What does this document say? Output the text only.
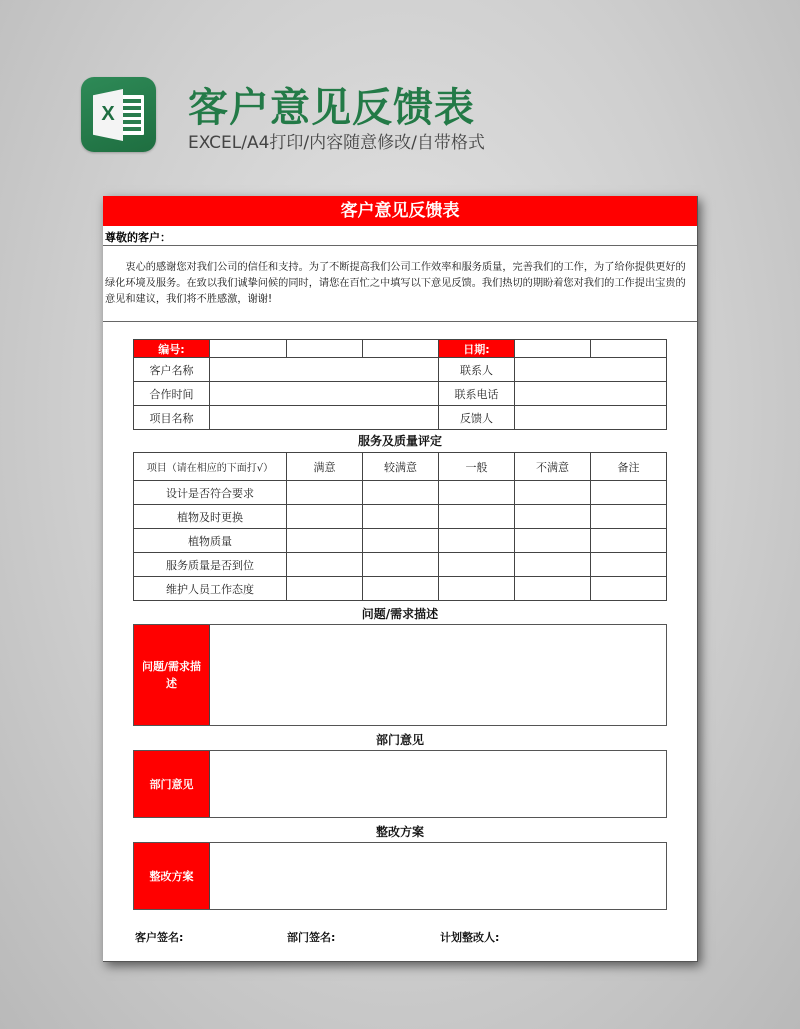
X 客户意见反馈表
EXCEL/A4打印/内容随意修改/自带格式
客户意见反馈表
尊敬的客户：
衷心的感谢您对我们公司的信任和支持。为了不断提高我们公司工作效率和服务质量，完善我们的工作，为了给你提供更好的绿化环境及服务。在致以我们诚挚问候的同时，请您在百忙之中填写以下意见反馈。我们热切的期盼着您对我们的工作提出宝贵的意见和建议，我们将不胜感激，谢谢!
编号:				日期:		
客户名称				联系人		
合作时间				联系电话		
项目名称				反馈人		
服务及质量评定
项目（请在相应的下面打√）	满意	较满意	一般	不满意	备注
设计是否符合要求					
植物及时更换					
植物质量					
服务质量是否到位					
维护人员工作态度					
问题/需求描述
问题/需求描述
部门意见
部门意见
整改方案
整改方案
客户签名:	部门签名:	计划整改人:
